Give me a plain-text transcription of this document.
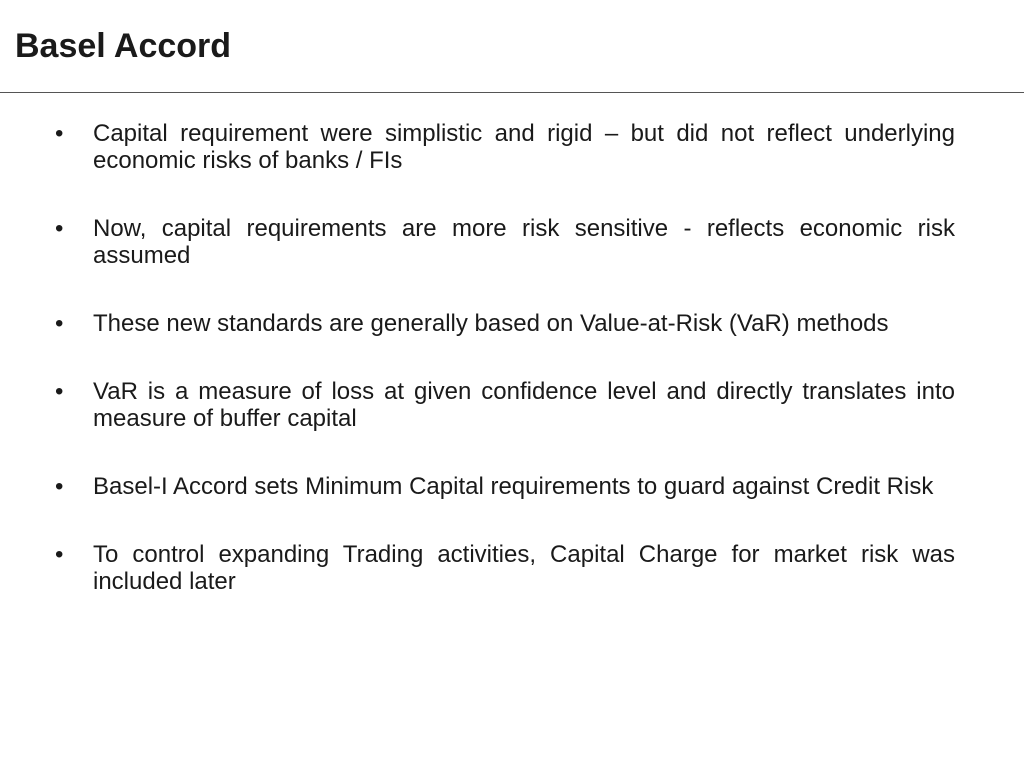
Basel Accord
•	Capital requirement were simplistic and rigid – but did not reflect underlying economic risks of banks / FIs
•	Now, capital requirements are more risk sensitive - reflects economic risk assumed
•	These new standards are generally based on Value-at-Risk (VaR) methods
•	VaR is a measure of loss at given confidence level and directly translates into measure of buffer capital
•	Basel-I Accord sets Minimum Capital requirements to guard against Credit Risk
•	To control expanding Trading activities, Capital Charge for market risk was included later
